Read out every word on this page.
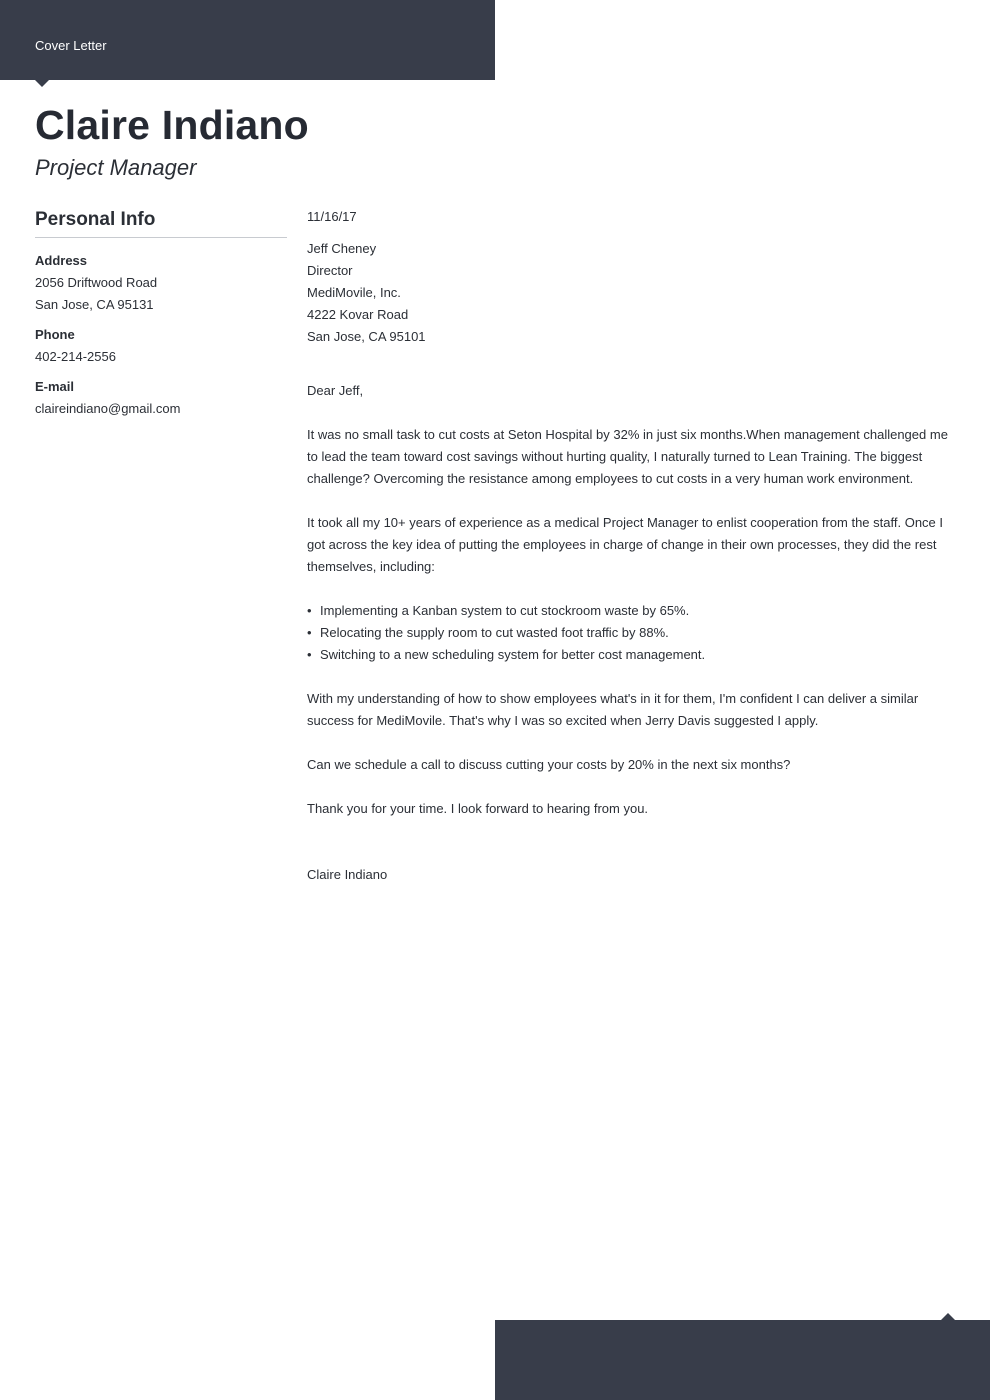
Cover Letter
Claire Indiano
Project Manager
Personal Info
Address
2056 Driftwood Road
San Jose, CA 95131
Phone
402-214-2556
E-mail
claireindiano@gmail.com
11/16/17
Jeff Cheney
Director
MediMovile, Inc.
4222 Kovar Road
San Jose, CA 95101

Dear Jeff,

It was no small task to cut costs at Seton Hospital by 32% in just six months.When management challenged me to lead the team toward cost savings without hurting quality, I naturally turned to Lean Training. The biggest challenge? Overcoming the resistance among employees to cut costs in a very human work environment.

It took all my 10+ years of experience as a medical Project Manager to enlist cooperation from the staff. Once I got across the key idea of putting the employees in charge of change in their own processes, they did the rest themselves, including:

• Implementing a Kanban system to cut stockroom waste by 65%.
• Relocating the supply room to cut wasted foot traffic by 88%.
• Switching to a new scheduling system for better cost management.

With my understanding of how to show employees what's in it for them, I'm confident I can deliver a similar success for MediMovile. That's why I was so excited when Jerry Davis suggested I apply.

Can we schedule a call to discuss cutting your costs by 20% in the next six months?

Thank you for your time. I look forward to hearing from you.

Claire Indiano
